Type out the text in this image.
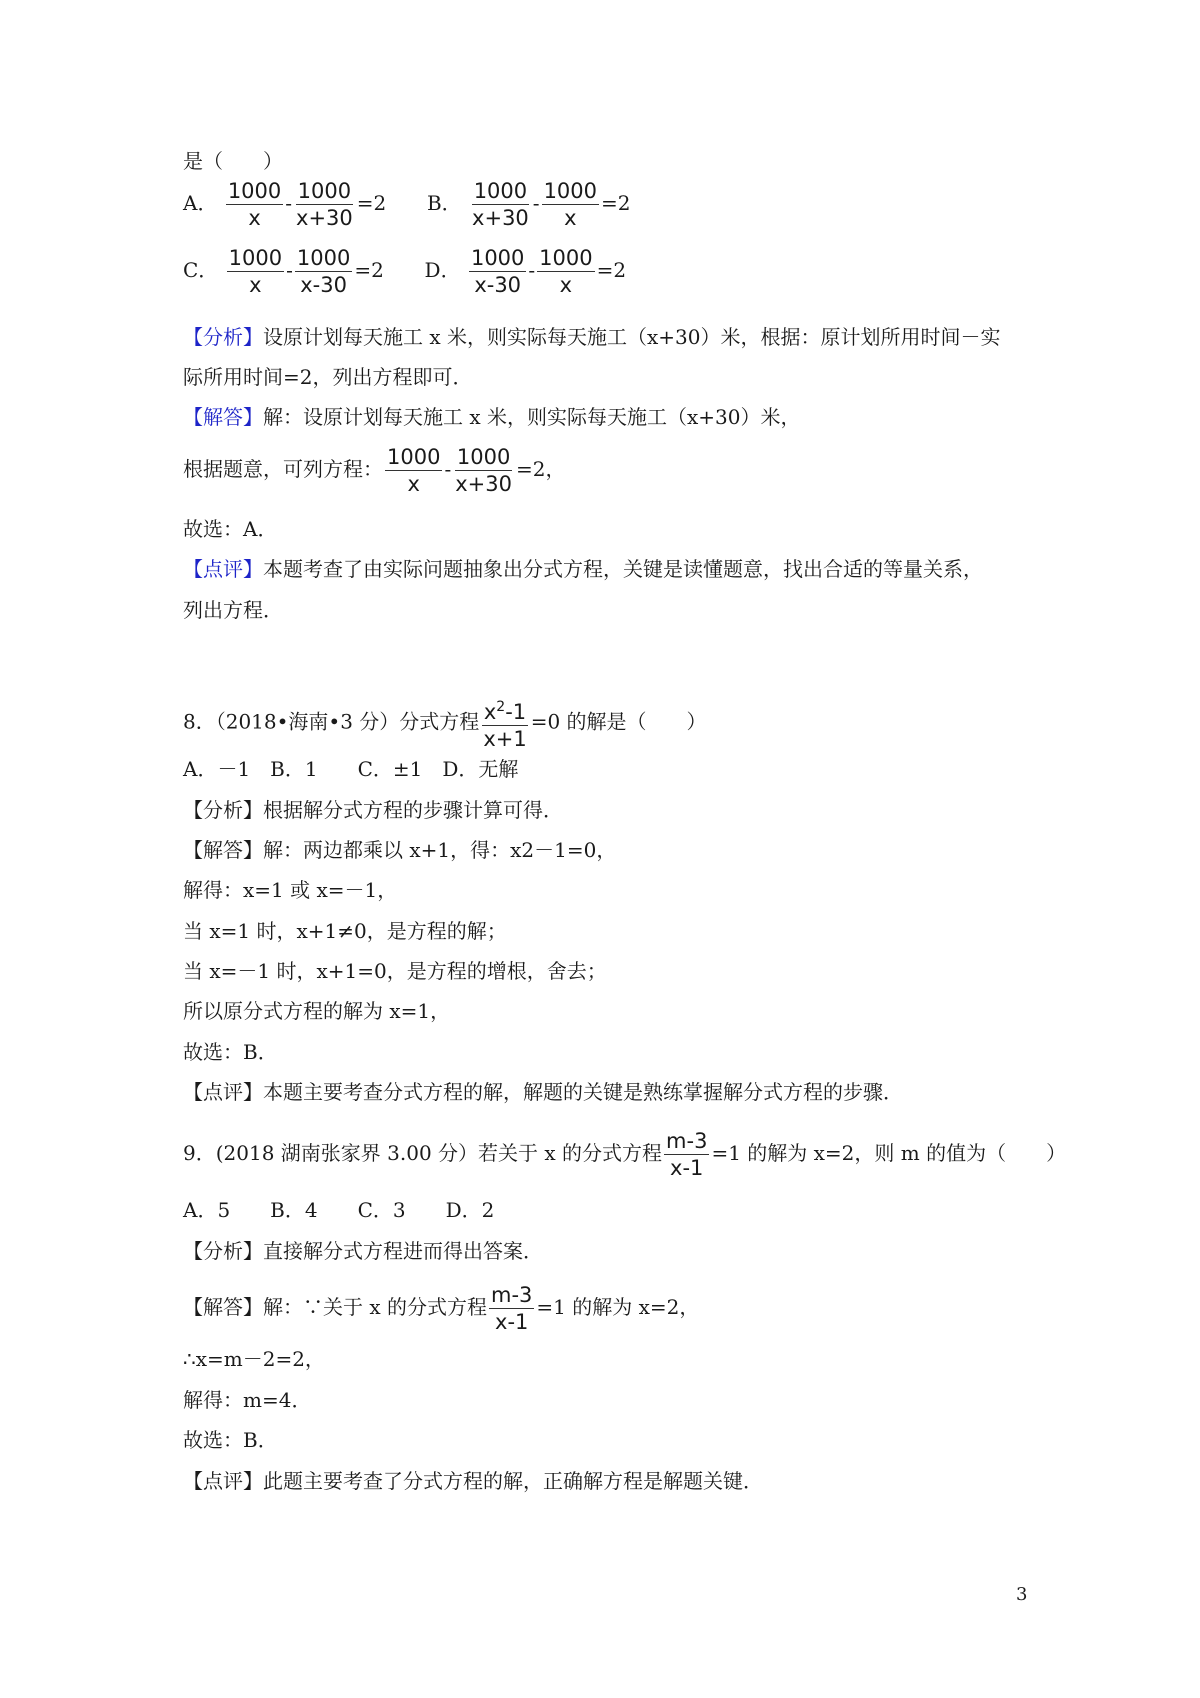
是（　　）
A． $\frac{1000}{x} - \frac{1000}{x+30} =2$ B． $\frac{1000}{x+30} - \frac{1000}{x} =2$
C． $\frac{1000}{x} - \frac{1000}{x-30} =2$ D． $\frac{1000}{x-30} - \frac{1000}{x} =2$
【分析】设原计划每天施工 x 米，则实际每天施工（x+30）米，根据：原计划所用时间－实
际所用时间=2，列出方程即可．
【解答】解：设原计划每天施工 x 米，则实际每天施工（x+30）米，
根据题意，可列方程： $\frac{1000}{x} - \frac{1000}{x+30} =2$，
故选：A．
【点评】本题考查了由实际问题抽象出分式方程，关键是读懂题意，找出合适的等量关系，
列出方程．
8．（2018•海南•3 分）分式方程 $\frac{x^2-1}{x+1} =0$ 的解是（　　）
A．－1　B．1　　C．±1　D．无解
【分析】根据解分式方程的步骤计算可得．
【解答】解：两边都乘以 x+1，得：x2－1=0，
解得：x=1 或 x=－1，
当 x=1 时，x+1≠0，是方程的解；
当 x=－1 时，x+1=0，是方程的增根，舍去；
所以原分式方程的解为 x=1，
故选：B．
【点评】本题主要考查分式方程的解，解题的关键是熟练掌握解分式方程的步骤．
9．(2018 湖南张家界 3.00 分）若关于 x 的分式方程 $\frac{m-3}{x-1} =1$ 的解为 x=2，则 m 的值为（　　）
A．5　　B．4　　C．3　　D．2
【分析】直接解分式方程进而得出答案．
【解答】解：∵关于 x 的分式方程 $\frac{m-3}{x-1} =1$ 的解为 x=2，
∴x=m－2=2，
解得：m=4．
故选：B．
【点评】此题主要考查了分式方程的解，正确解方程是解题关键．
3
